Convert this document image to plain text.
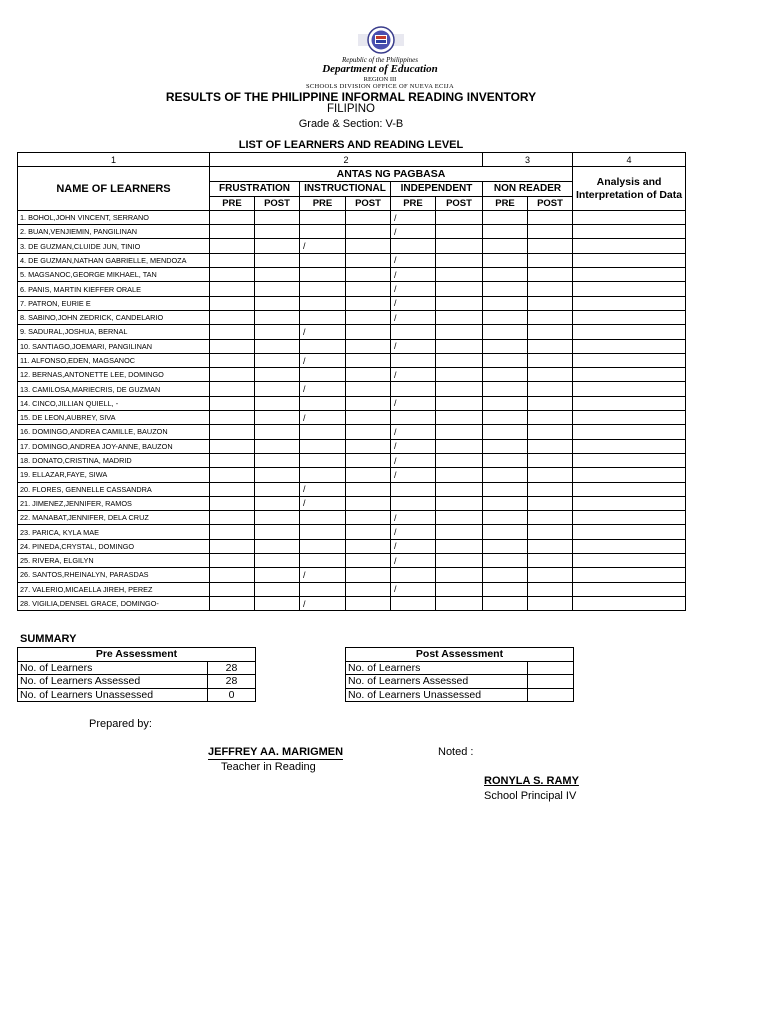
Republic of the Philippines
Department of Education
REGION III
SCHOOLS DIVISION OFFICE OF NUEVA ECIJA
RESULTS OF THE PHILIPPINE INFORMAL READING INVENTORY
FILIPINO
Grade & Section: V-B
LIST OF LEARNERS AND READING LEVEL
1	2						3		4
NAME OF LEARNERS	ANTAS NG PAGBASA								Analysis and Interpretation of Data
	FRUSTRATION		INSTRUCTIONAL		INDEPENDENT		NON READER		
	PRE	POST	PRE	POST	PRE	POST	PRE	POST	
1. BOHOL,JOHN VINCENT, SERRANO					/				
2. BUAN,VENJIEMIN, PANGILINAN					/				
3. DE GUZMAN,CLUIDE JUN, TINIO			/						
4. DE GUZMAN,NATHAN GABRIELLE, MENDOZA					/				
5. MAGSANOC,GEORGE MIKHAEL, TAN					/				
6. PANIS, MARTIN KIEFFER ORALE					/				
7. PATRON, EURIE E					/				
8. SABINO,JOHN ZEDRICK, CANDELARIO					/				
9. SADURAL,JOSHUA, BERNAL			/						
10. SANTIAGO,JOEMARI, PANGILINAN					/				
11. ALFONSO,EDEN, MAGSANOC			/						
12. BERNAS,ANTONETTE LEE, DOMINGO					/				
13. CAMILOSA,MARIECRIS, DE GUZMAN			/						
14. CINCO,JILLIAN QUIELL, -					/				
15. DE LEON,AUBREY, SIVA			/						
16. DOMINGO,ANDREA CAMILLE, BAUZON					/				
17. DOMINGO,ANDREA JOY-ANNE, BAUZON					/				
18. DONATO,CRISTINA, MADRID					/				
19. ELLAZAR,FAYE, SIWA					/				
20. FLORES, GENNELLE CASSANDRA			/						
21. JIMENEZ,JENNIFER, RAMOS			/						
22. MANABAT,JENNIFER, DELA CRUZ					/				
23. PARICA, KYLA MAE					/				
24. PINEDA,CRYSTAL, DOMINGO					/				
25. RIVERA, ELGILYN					/				
26. SANTOS,RHEINALYN, PARASDAS			/						
27. VALERIO,MICAELLA JIREH, PEREZ					/				
28. VIGILIA,DENSEL GRACE, DOMINGO-			/						
SUMMARY
Pre Assessment	
No. of Learners	28
No. of Learners Assessed	28
No. of Learners Unassessed	0
Post Assessment	
No. of Learners	
No. of Learners Assessed	
No. of Learners Unassessed	
Prepared by:
JEFFREY AA. MARIGMEN
Teacher in Reading
Noted :
RONYLA S. RAMY
School Principal IV
